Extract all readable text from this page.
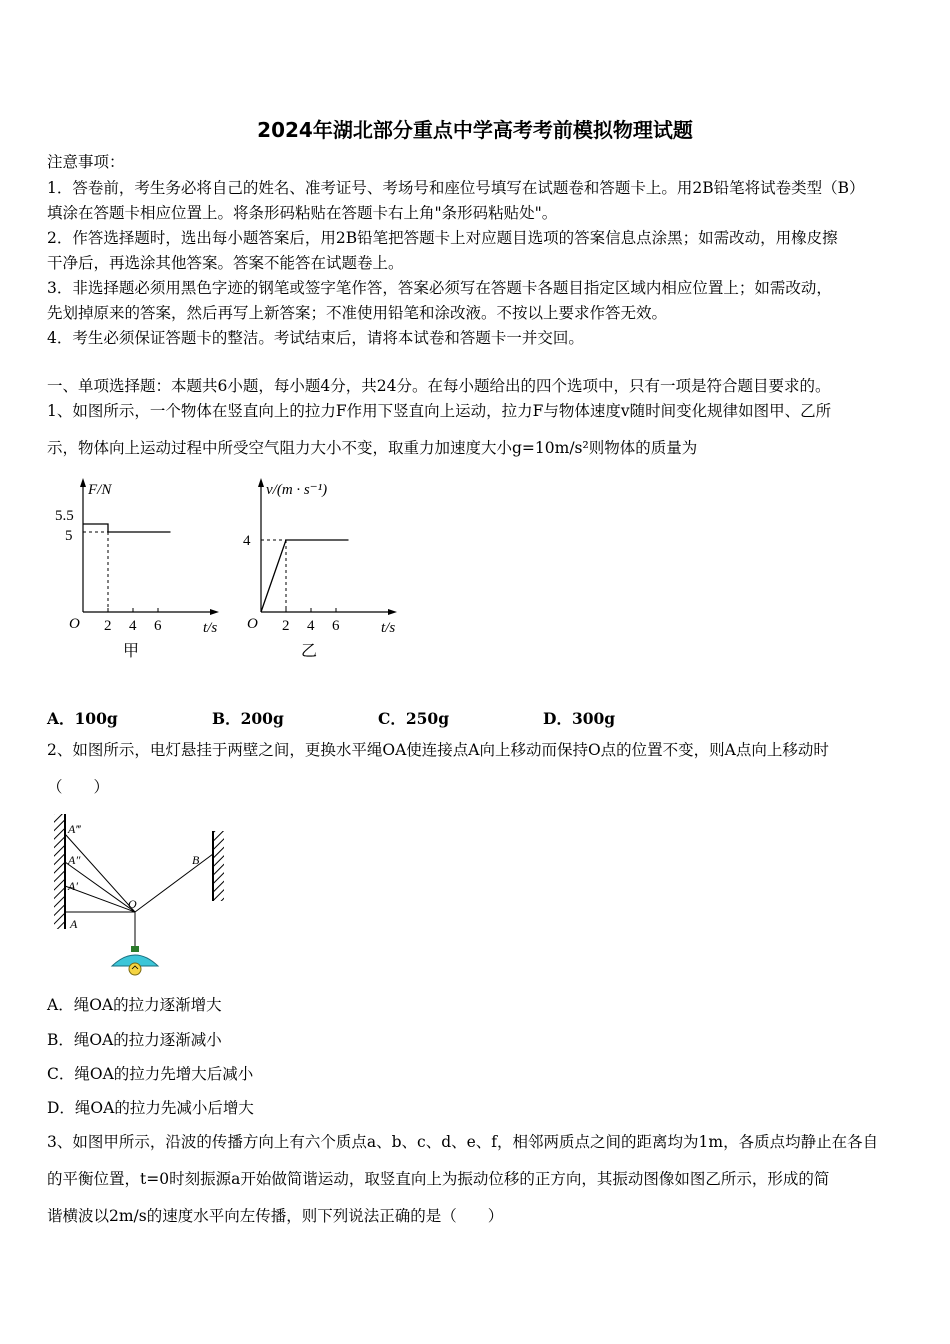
2024年湖北部分重点中学高考考前模拟物理试题
注意事项：
1．答卷前，考生务必将自己的姓名、准考证号、考场号和座位号填写在试题卷和答题卡上。用2B铅笔将试卷类型（B）
填涂在答题卡相应位置上。将条形码粘贴在答题卡右上角"条形码粘贴处"。
2．作答选择题时，选出每小题答案后，用2B铅笔把答题卡上对应题目选项的答案信息点涂黑；如需改动，用橡皮擦
干净后，再选涂其他答案。答案不能答在试题卷上。
3．非选择题必须用黑色字迹的钢笔或签字笔作答，答案必须写在答题卡各题目指定区域内相应位置上；如需改动，
先划掉原来的答案，然后再写上新答案；不准使用铅笔和涂改液。不按以上要求作答无效。
4．考生必须保证答题卡的整洁。考试结束后，请将本试卷和答题卡一并交回。
一、单项选择题：本题共6小题，每小题4分，共24分。在每小题给出的四个选项中，只有一项是符合题目要求的。
1、如图所示，一个物体在竖直向上的拉力F作用下竖直向上运动，拉力F与物体速度v随时间变化规律如图甲、乙所
示，物体向上运动过程中所受空气阻力大小不变，取重力加速度大小g=10m/s²则物体的质量为
O 2 4 6
5.5
5
t/s
F/N
甲
O 2 4 6
4
t/s
v/(m · s⁻¹)
乙
A．100g	B．200g	C．250g	D．300g
2、如图所示，电灯悬挂于两壁之间，更换水平绳OA使连接点A向上移动而保持O点的位置不变，则A点向上移动时
（　　）
A‴
A″
A′
A
O
B
A．绳OA的拉力逐渐增大
B．绳OA的拉力逐渐减小
C．绳OA的拉力先增大后减小
D．绳OA的拉力先减小后增大
3、如图甲所示，沿波的传播方向上有六个质点a、b、c、d、e、f，相邻两质点之间的距离均为1m，各质点均静止在各自
的平衡位置，t=0时刻振源a开始做简谐运动，取竖直向上为振动位移的正方向，其振动图像如图乙所示，形成的简
谐横波以2m/s的速度水平向左传播，则下列说法正确的是（　　）
